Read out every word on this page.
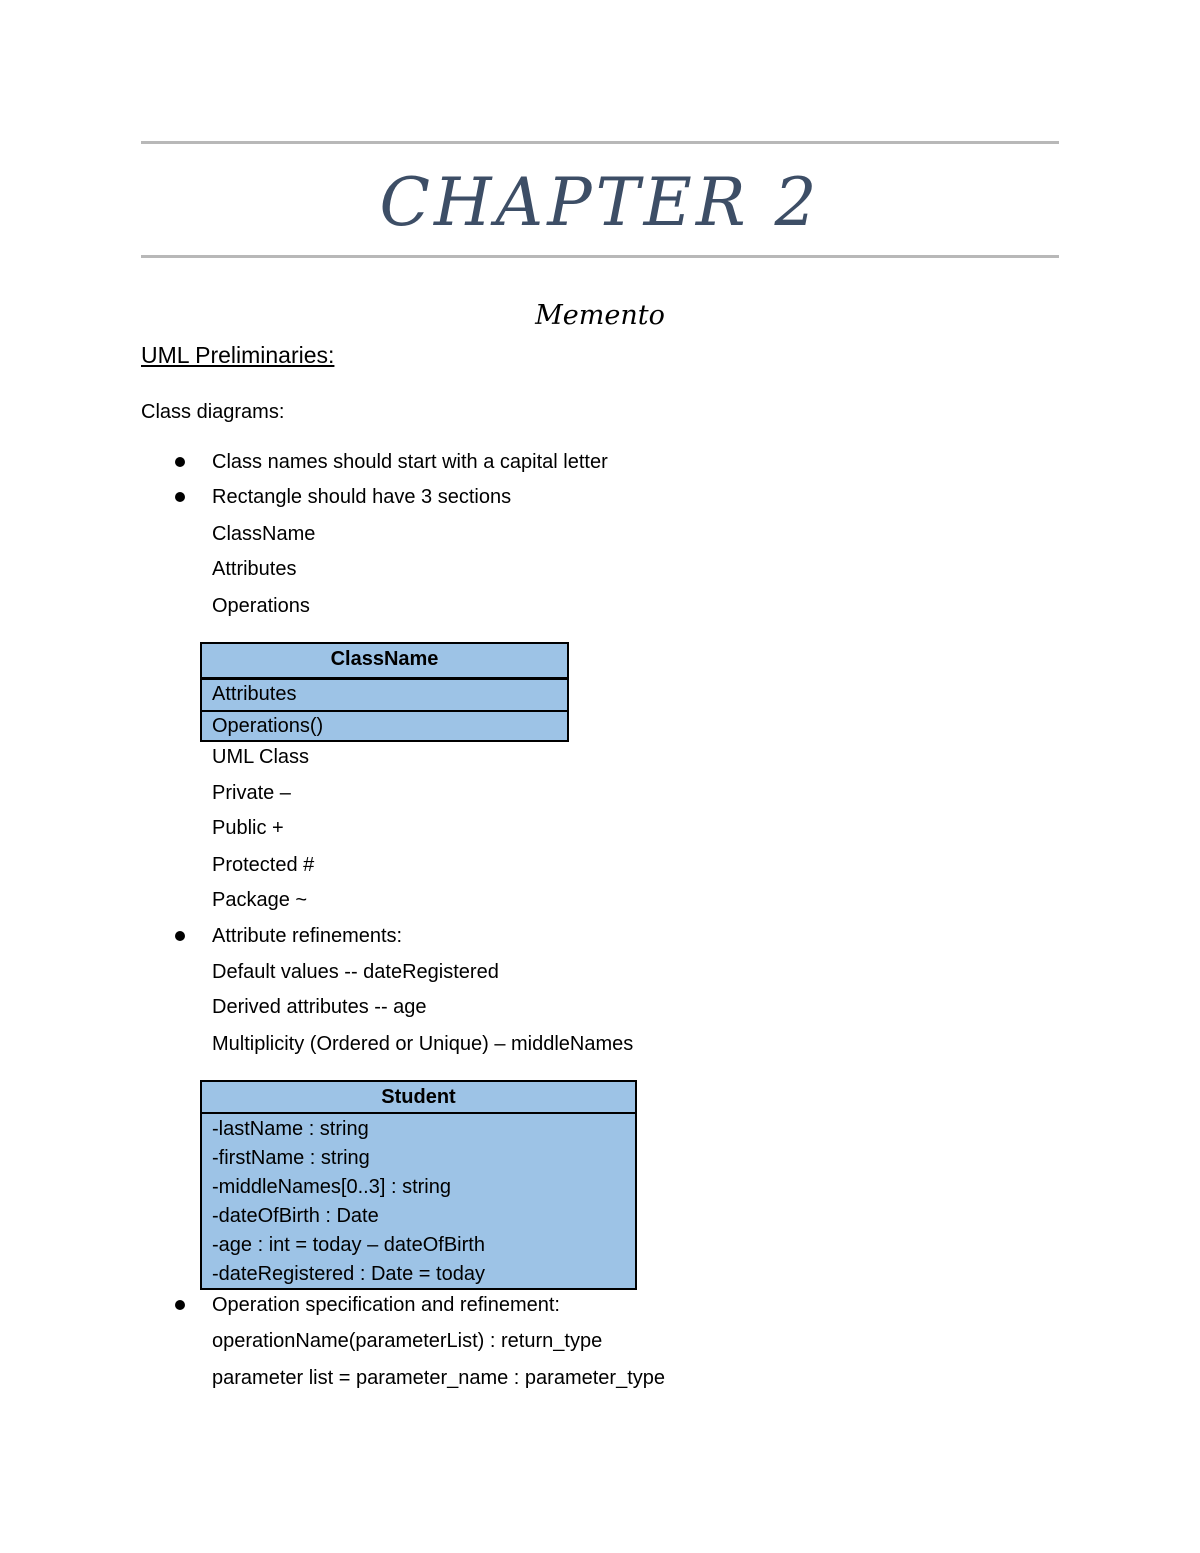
CHAPTER 2
Memento
UML Preliminaries:
Class diagrams:
Class names should start with a capital letter
Rectangle should have 3 sections
ClassName
Attributes
Operations
ClassName
Attributes
Operations()
UML Class
Private –
Public +
Protected #
Package ~
Attribute refinements:
Default values -- dateRegistered
Derived attributes -- age
Multiplicity (Ordered or Unique) – middleNames
Student
-lastName : string
-firstName : string
-middleNames[0..3] : string
-dateOfBirth : Date
-age : int = today – dateOfBirth
-dateRegistered : Date = today
Operation specification and refinement:
operationName(parameterList) : return_type
parameter list = parameter_name : parameter_type
